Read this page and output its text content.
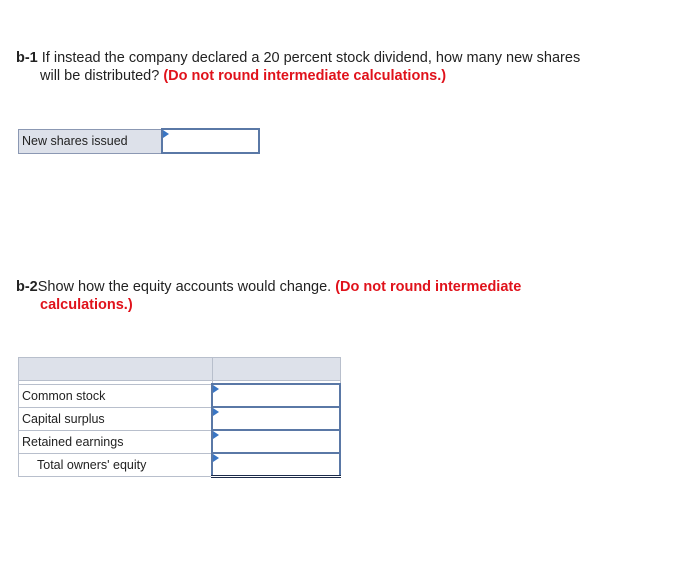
b-1 If instead the company declared a 20 percent stock dividend, how many new shares
will be distributed? (Do not round intermediate calculations.)
New shares issued	
b-2Show how the equity accounts would change. (Do not round intermediate
calculations.)

Common stock	

Capital surplus	

Retained earnings	

Total owners' equity	
